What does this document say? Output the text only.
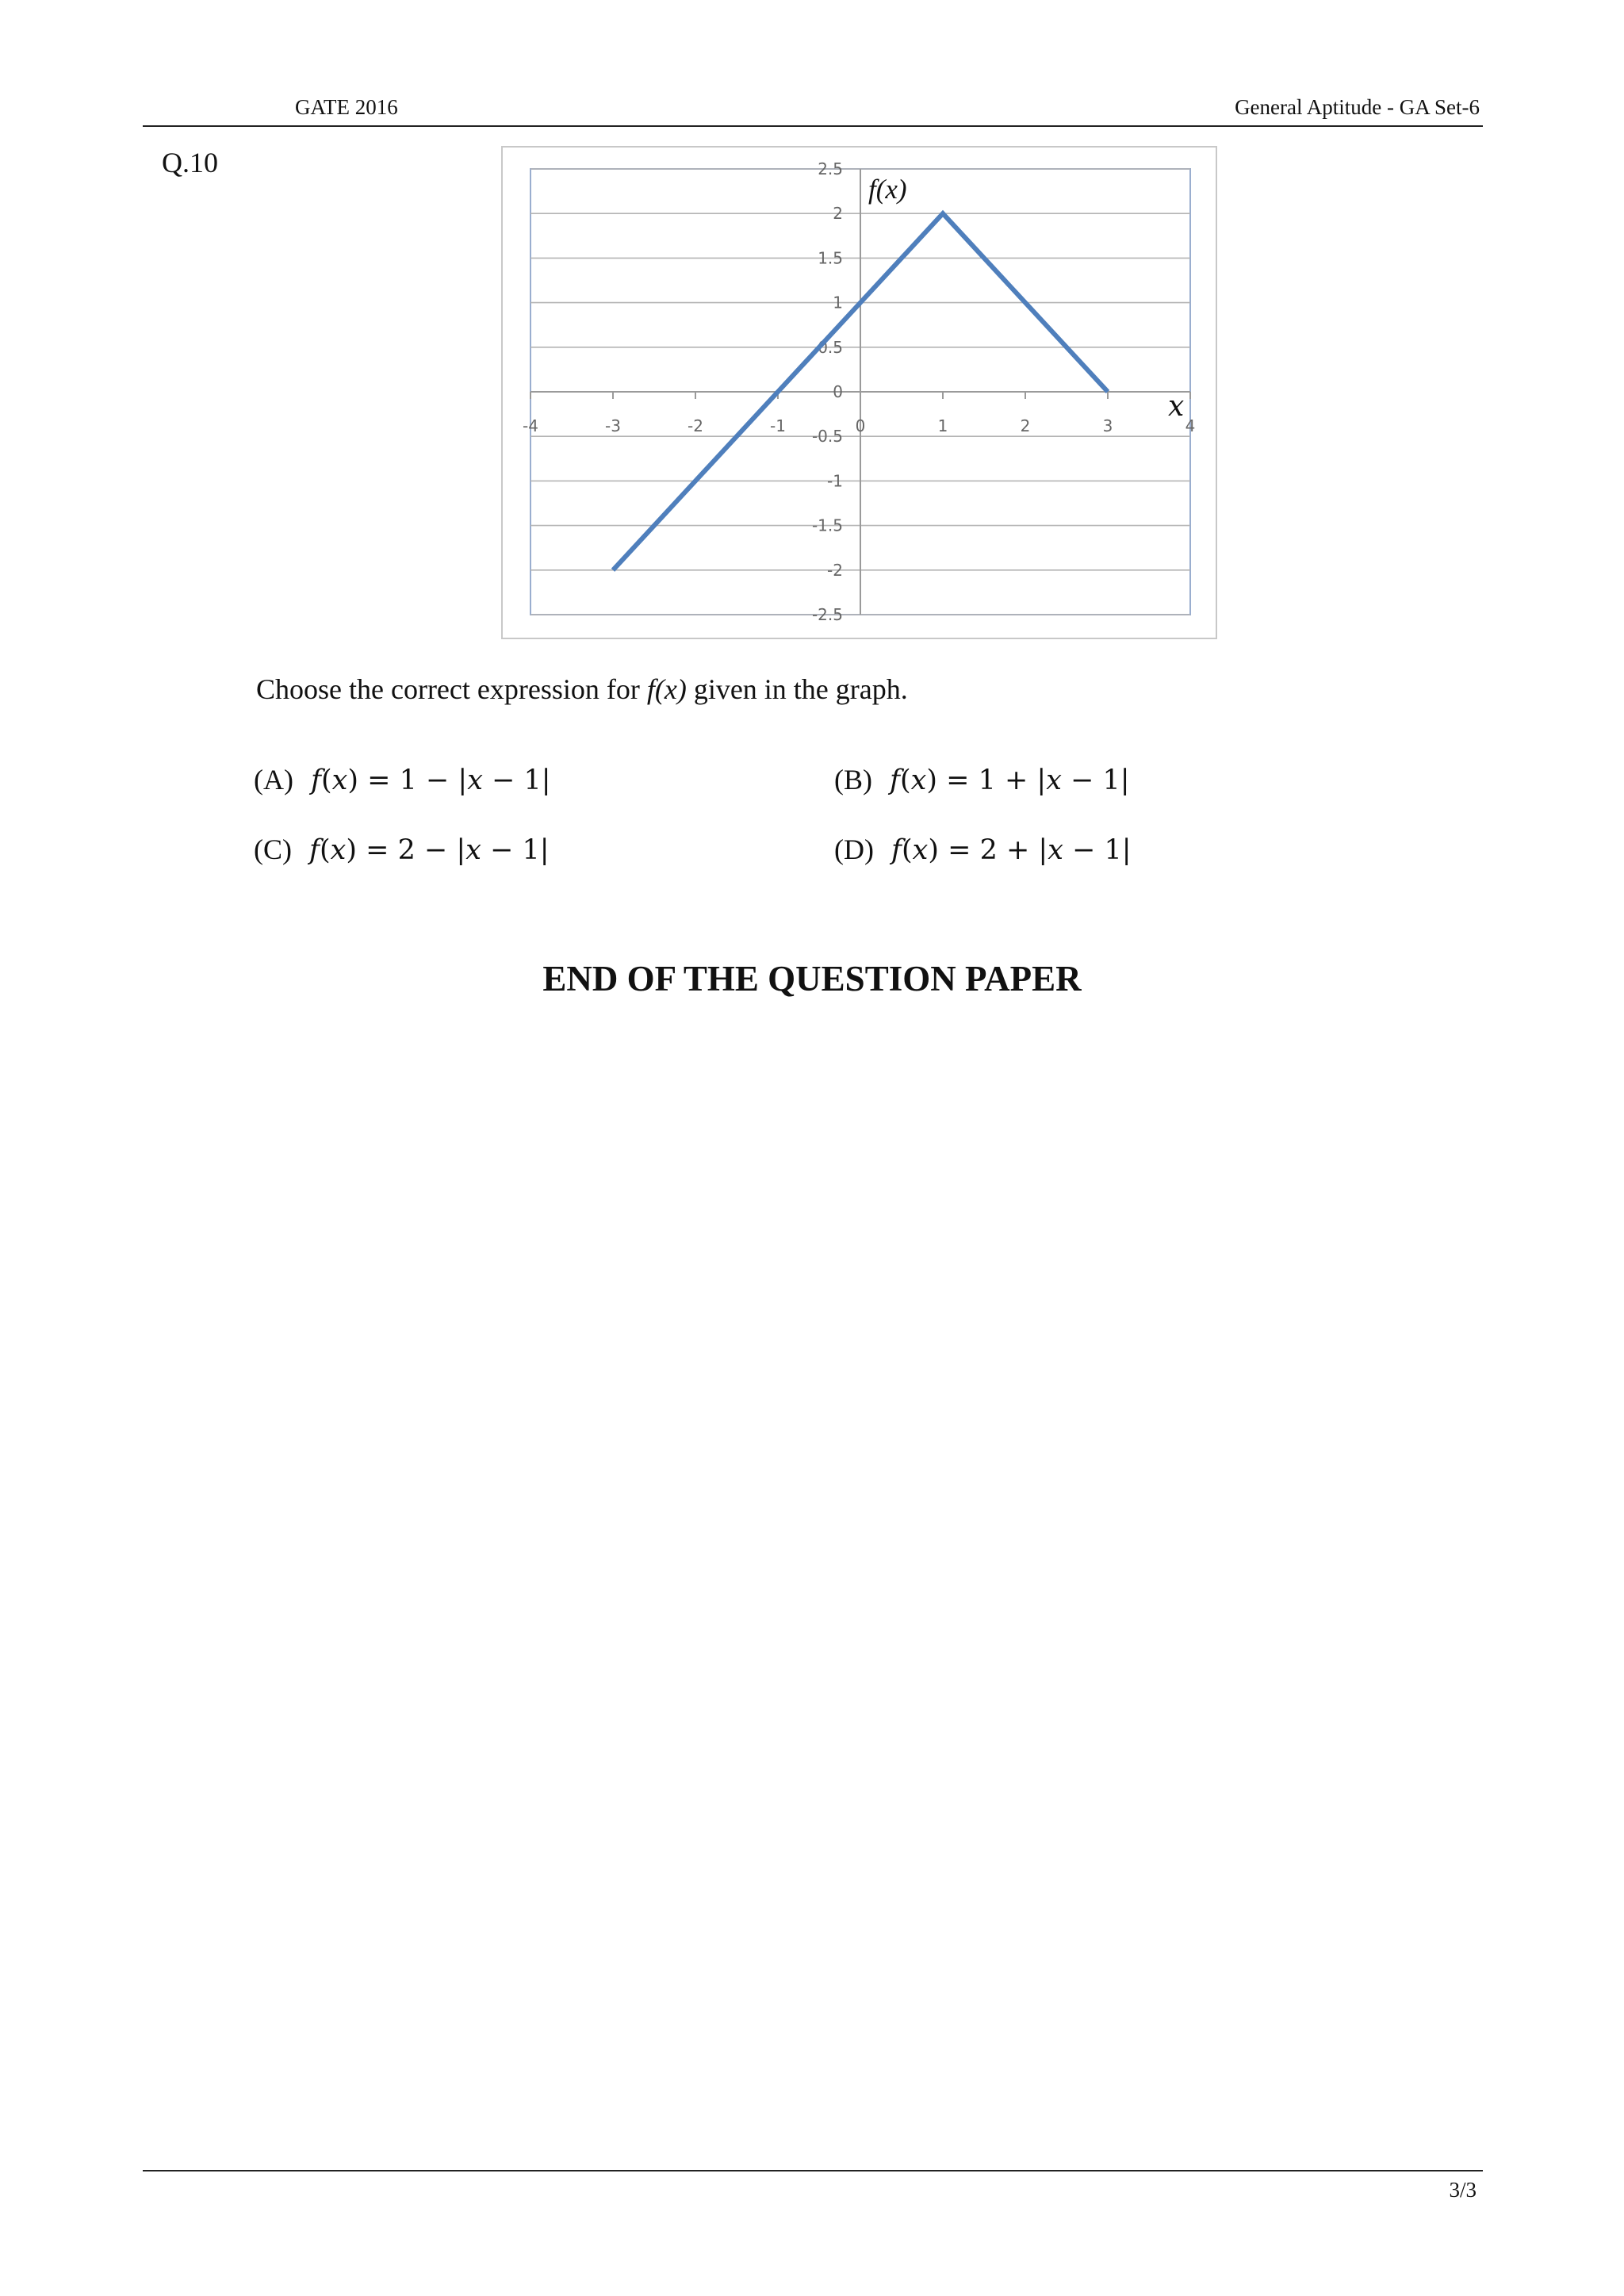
GATE 2016	General Aptitude - GA Set-6
Q.10	2.5
2
1.5
1
0.5
0
-0.5
-1
-1.5
-2
-2.5
-4	-3	-2	-1	0	1	2	3	4
f(x)
x
Choose the correct expression for f(x) given in the graph.
(A) 𝑓(𝑥) = 1 − |𝑥 − 1|	(B) 𝑓(𝑥) = 1 + |𝑥 − 1|
(C) 𝑓(𝑥) = 2 − |𝑥 − 1|	(D) 𝑓(𝑥) = 2 + |𝑥 − 1|
END OF THE QUESTION PAPER
3/3
